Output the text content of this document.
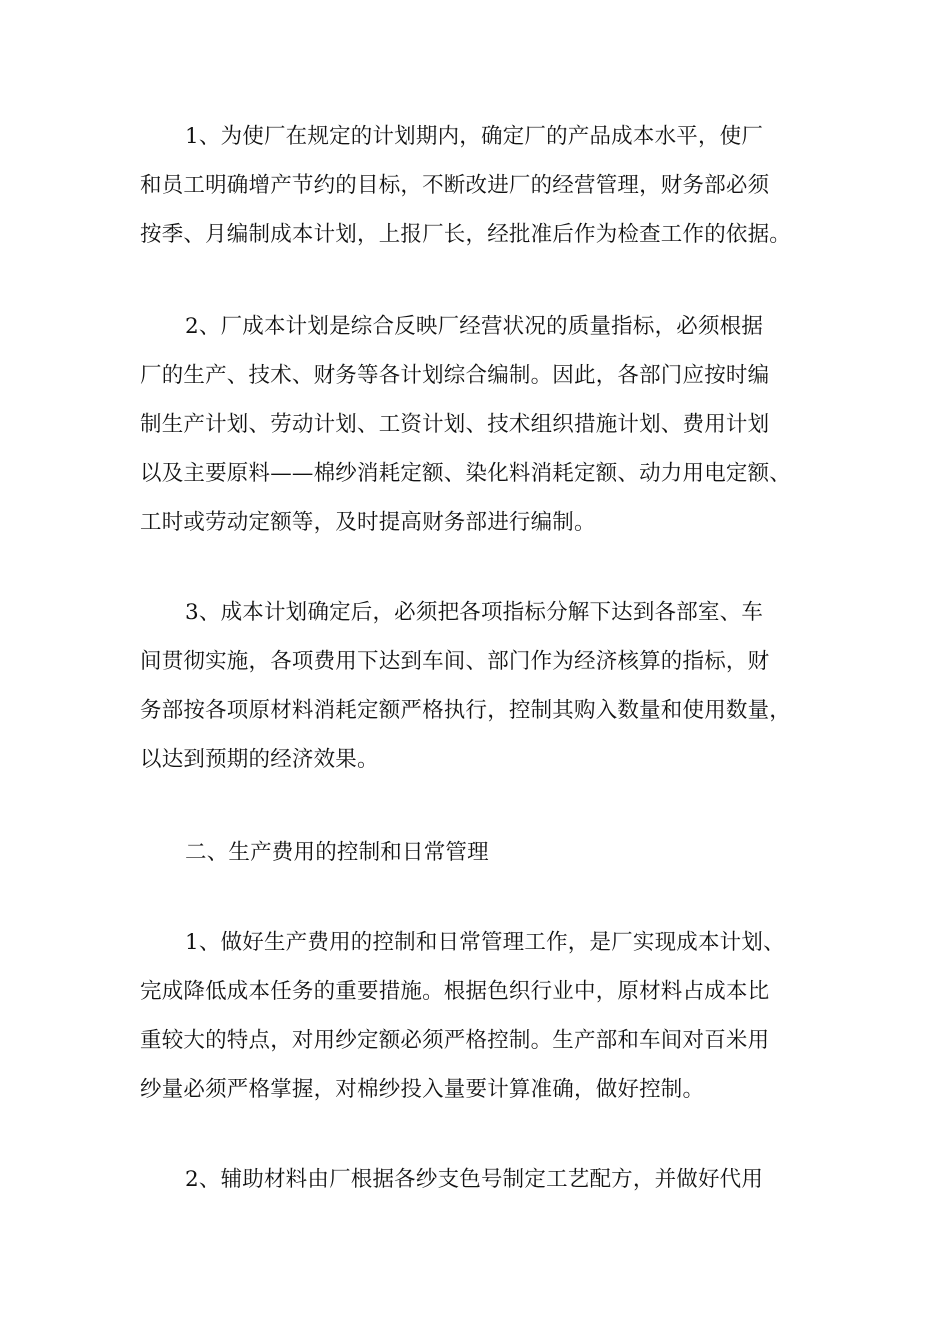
1、为使厂在规定的计划期内，确定厂的产品成本水平，使厂
和员工明确增产节约的目标，不断改进厂的经营管理，财务部必须
按季、月编制成本计划，上报厂长，经批准后作为检查工作的依据。
2、厂成本计划是综合反映厂经营状况的质量指标，必须根据
厂的生产、技术、财务等各计划综合编制。因此，各部门应按时编
制生产计划、劳动计划、工资计划、技术组织措施计划、费用计划
以及主要原料——棉纱消耗定额、染化料消耗定额、动力用电定额、
工时或劳动定额等，及时提高财务部进行编制。
3、成本计划确定后，必须把各项指标分解下达到各部室、车
间贯彻实施，各项费用下达到车间、部门作为经济核算的指标，财
务部按各项原材料消耗定额严格执行，控制其购入数量和使用数量，
以达到预期的经济效果。
二、生产费用的控制和日常管理
1、做好生产费用的控制和日常管理工作，是厂实现成本计划、
完成降低成本任务的重要措施。根据色织行业中，原材料占成本比
重较大的特点，对用纱定额必须严格控制。生产部和车间对百米用
纱量必须严格掌握，对棉纱投入量要计算准确，做好控制。
2、辅助材料由厂根据各纱支色号制定工艺配方，并做好代用
